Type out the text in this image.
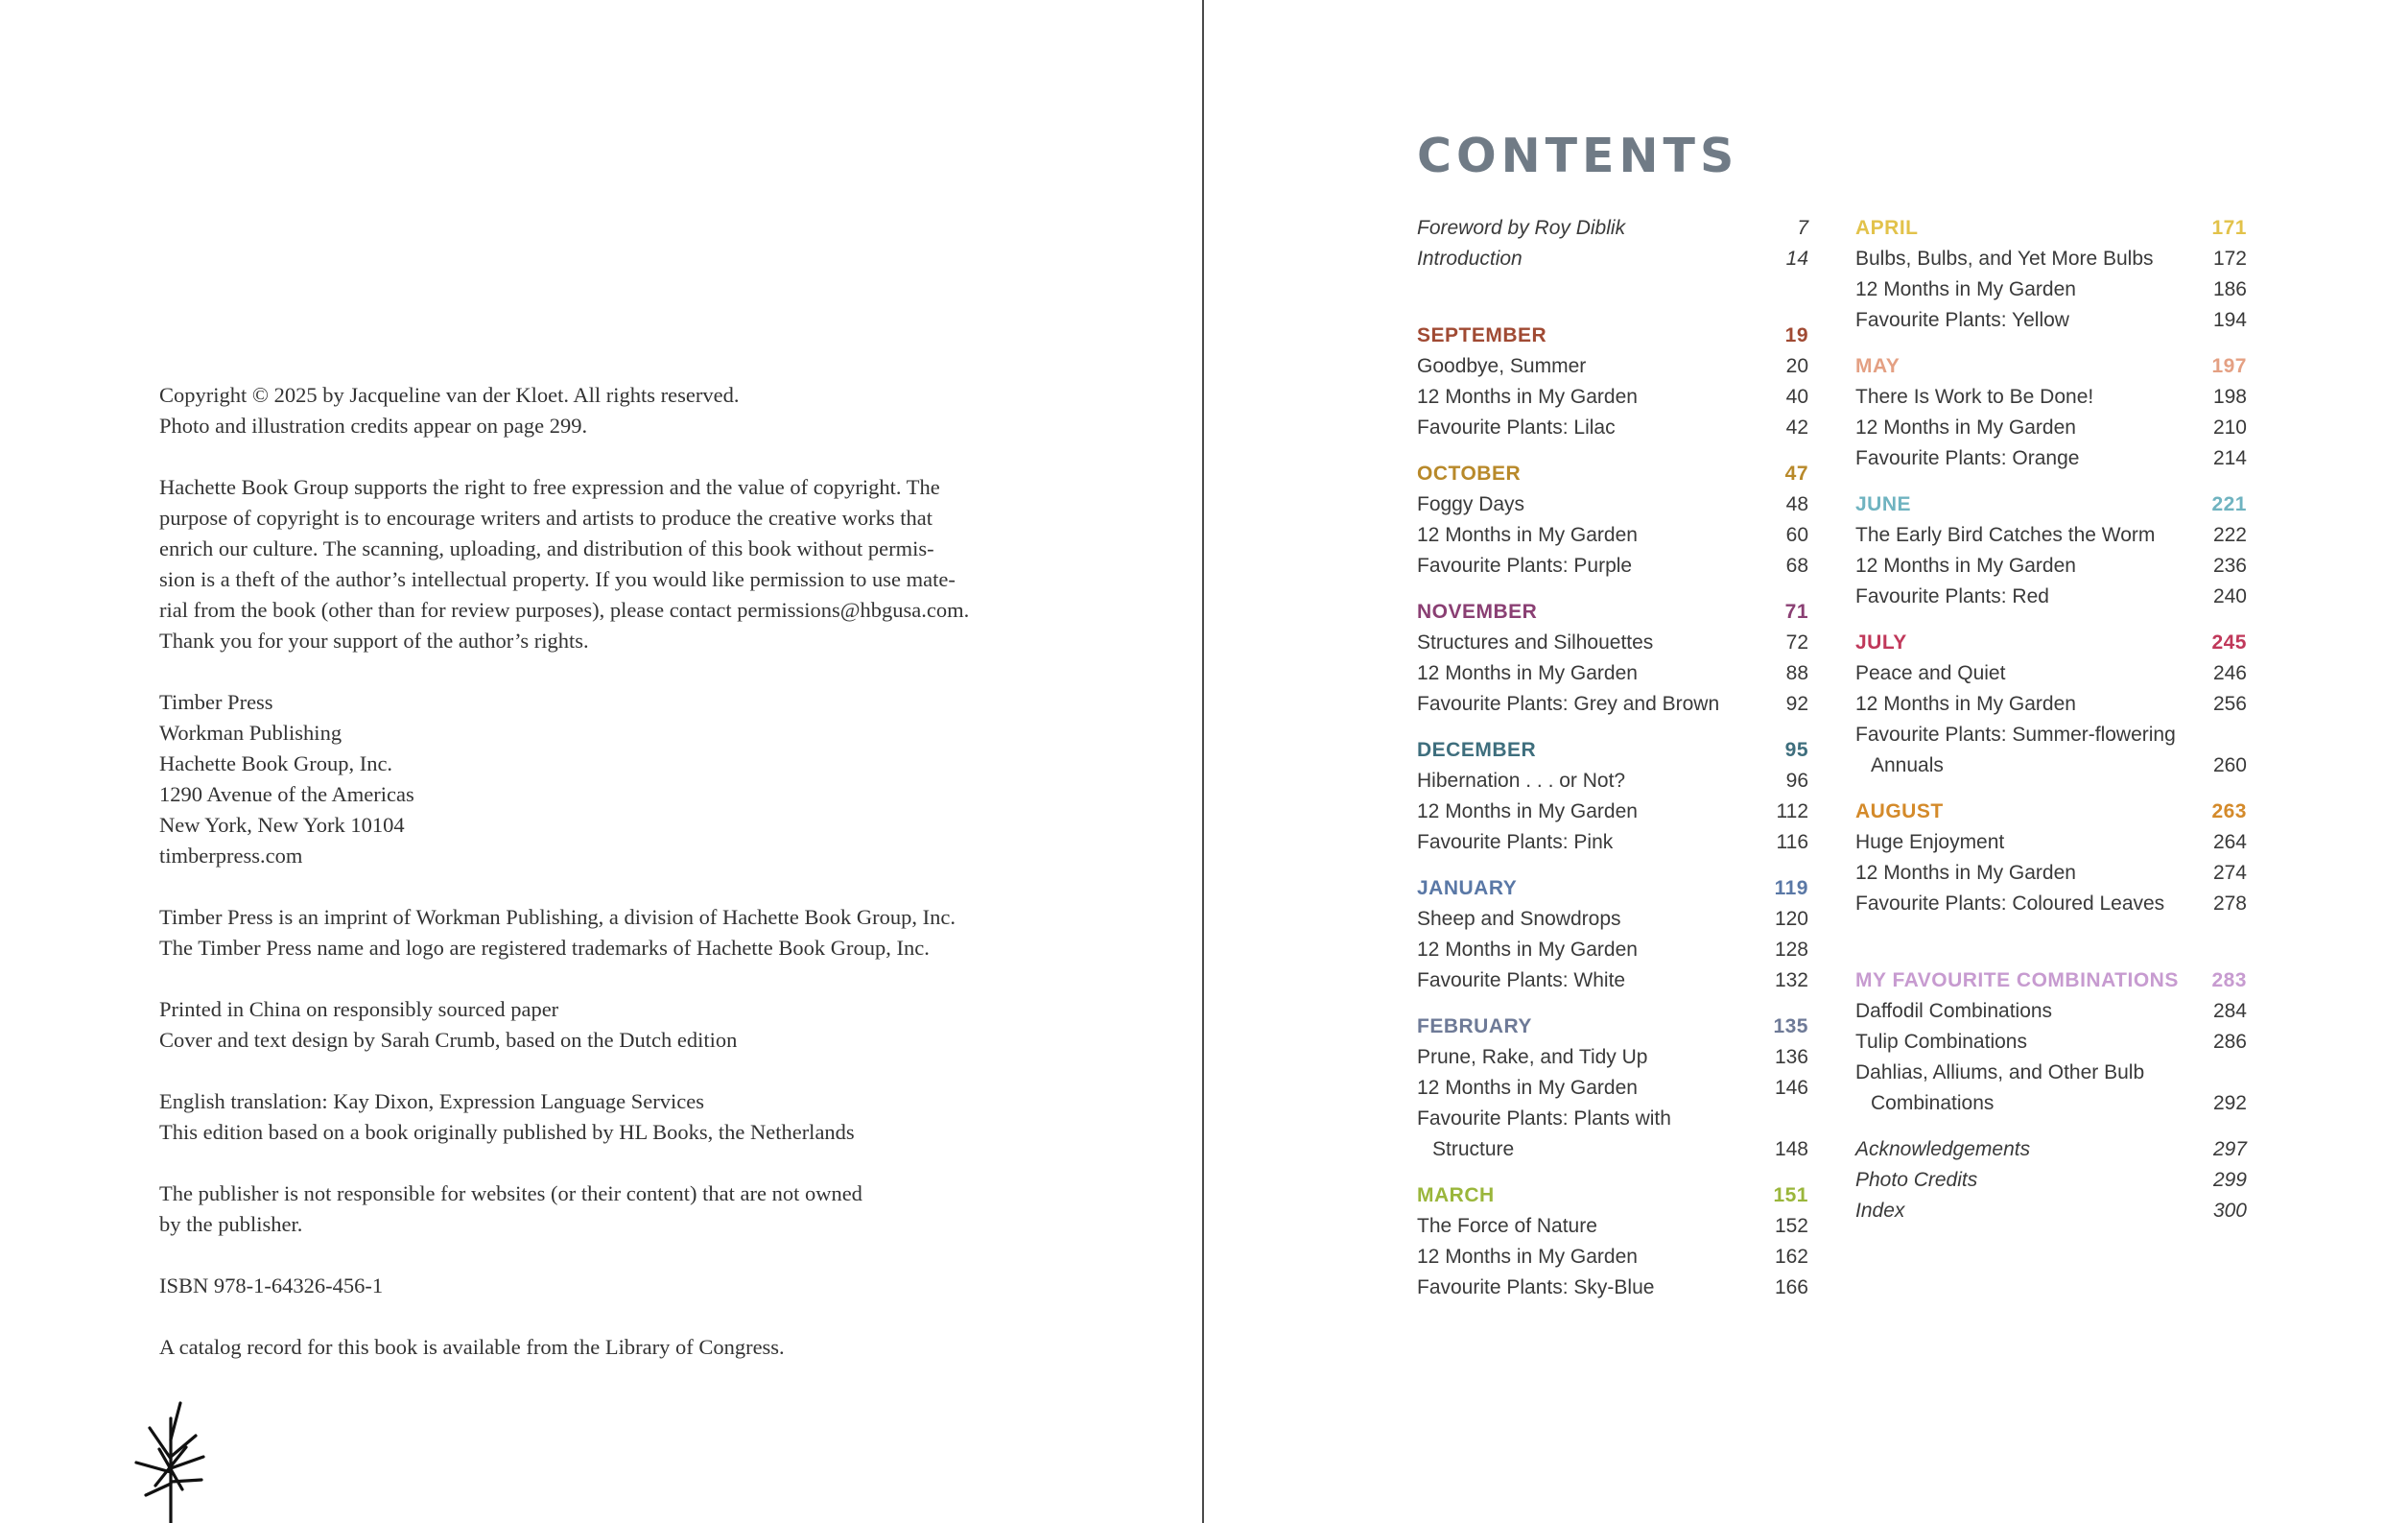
Copyright © 2025 by Jacqueline van der Kloet. All rights reserved.
Photo and illustration credits appear on page 299.
Hachette Book Group supports the right to free expression and the value of copyright. The
purpose of copyright is to encourage writers and artists to produce the creative works that
enrich our culture. The scanning, uploading, and distribution of this book without permis-
sion is a theft of the author’s intellectual property. If you would like permission to use mate-
rial from the book (other than for review purposes), please contact permissions@hbgusa.com.
Thank you for your support of the author’s rights.
Timber Press
Workman Publishing
Hachette Book Group, Inc.
1290 Avenue of the Americas
New York, New York 10104
timberpress.com
Timber Press is an imprint of Workman Publishing, a division of Hachette Book Group, Inc.
The Timber Press name and logo are registered trademarks of Hachette Book Group, Inc.
Printed in China on responsibly sourced paper
Cover and text design by Sarah Crumb, based on the Dutch edition
English translation: Kay Dixon, Expression Language Services
This edition based on a book originally published by HL Books, the Netherlands
The publisher is not responsible for websites (or their content) that are not owned
by the publisher.
ISBN 978-1-64326-456-1
A catalog record for this book is available from the Library of Congress.
CONTENTS
Foreword by Roy Diblik	7
Introduction	14
SEPTEMBER	19
Goodbye, Summer	20
12 Months in My Garden	40
Favourite Plants: Lilac	42
OCTOBER	47
Foggy Days	48
12 Months in My Garden	60
Favourite Plants: Purple	68
NOVEMBER	71
Structures and Silhouettes	72
12 Months in My Garden	88
Favourite Plants: Grey and Brown	92
DECEMBER	95
Hibernation . . . or Not?	96
12 Months in My Garden	112
Favourite Plants: Pink	116
JANUARY	119
Sheep and Snowdrops	120
12 Months in My Garden	128
Favourite Plants: White	132
FEBRUARY	135
Prune, Rake, and Tidy Up	136
12 Months in My Garden	146
Favourite Plants: Plants with
Structure	148
MARCH	151
The Force of Nature	152
12 Months in My Garden	162
Favourite Plants: Sky-Blue	166
APRIL	171
Bulbs, Bulbs, and Yet More Bulbs	172
12 Months in My Garden	186
Favourite Plants: Yellow	194
MAY	197
There Is Work to Be Done!	198
12 Months in My Garden	210
Favourite Plants: Orange	214
JUNE	221
The Early Bird Catches the Worm	222
12 Months in My Garden	236
Favourite Plants: Red	240
JULY	245
Peace and Quiet	246
12 Months in My Garden	256
Favourite Plants: Summer-flowering
Annuals	260
AUGUST	263
Huge Enjoyment	264
12 Months in My Garden	274
Favourite Plants: Coloured Leaves	278
MY FAVOURITE COMBINATIONS	283
Daffodil Combinations	284
Tulip Combinations	286
Dahlias, Alliums, and Other Bulb
Combinations	292
Acknowledgements	297
Photo Credits	299
Index	300
